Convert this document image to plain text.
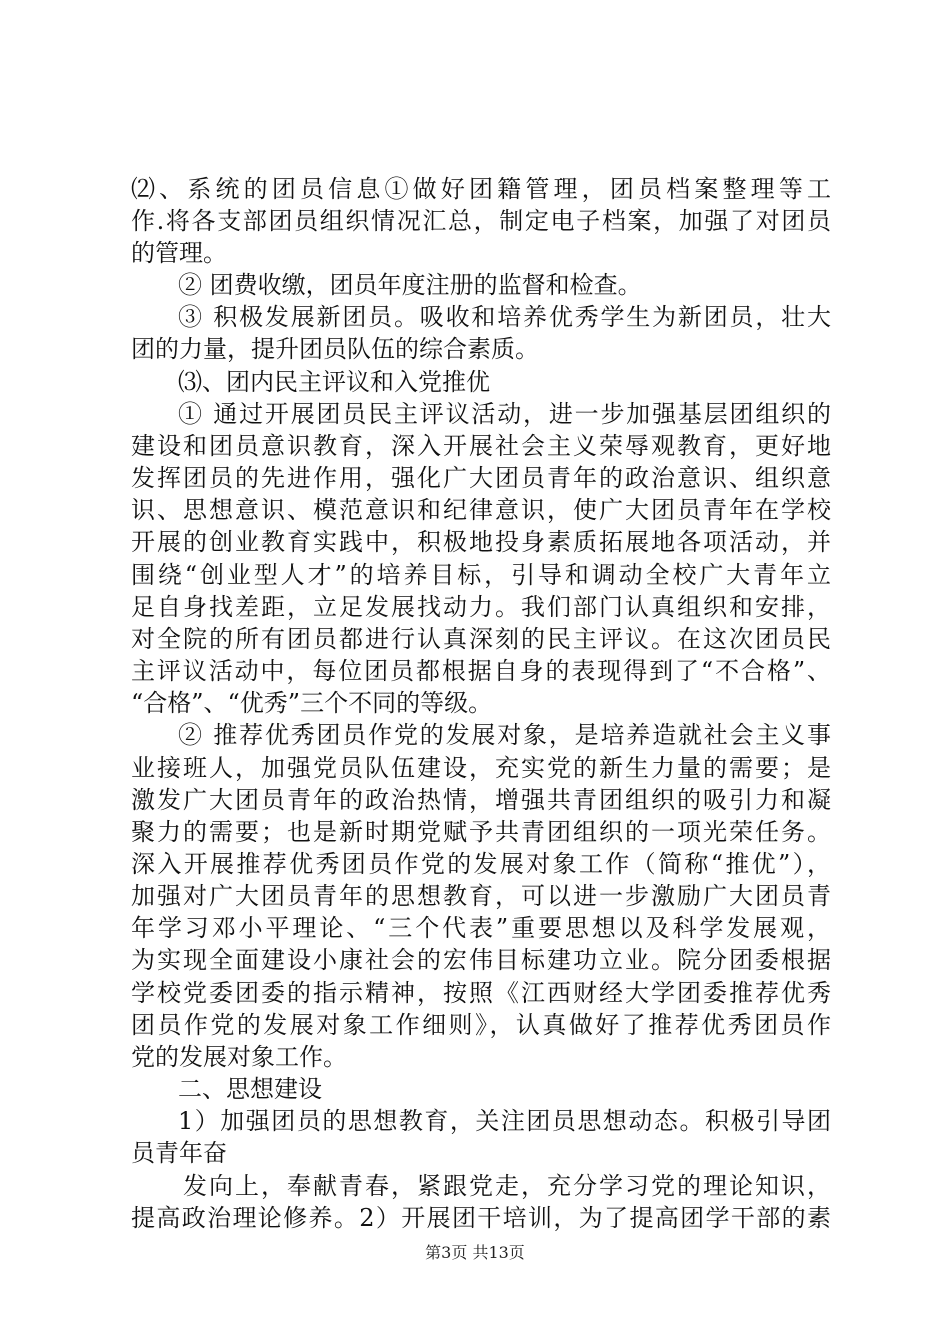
⑵、系统的团员信息①做好团籍管理，团员档案整理等工
作.将各支部团员组织情况汇总，制定电子档案，加强了对团员
的管理。
② 团费收缴，团员年度注册的监督和检查。
③ 积极发展新团员。吸收和培养优秀学生为新团员，壮大
团的力量，提升团员队伍的综合素质。
⑶、团内民主评议和入党推优
① 通过开展团员民主评议活动，进一步加强基层团组织的
建设和团员意识教育，深入开展社会主义荣辱观教育，更好地
发挥团员的先进作用，强化广大团员青年的政治意识、组织意
识、思想意识、模范意识和纪律意识，使广大团员青年在学校
开展的创业教育实践中，积极地投身素质拓展地各项活动，并
围绕“创业型人才”的培养目标，引导和调动全校广大青年立
足自身找差距，立足发展找动力。我们部门认真组织和安排，
对全院的所有团员都进行认真深刻的民主评议。在这次团员民
主评议活动中，每位团员都根据自身的表现得到了“不合格”、
“合格”、“优秀”三个不同的等级。
② 推荐优秀团员作党的发展对象，是培养造就社会主义事
业接班人，加强党员队伍建设，充实党的新生力量的需要；是
激发广大团员青年的政治热情，增强共青团组织的吸引力和凝
聚力的需要；也是新时期党赋予共青团组织的一项光荣任务。
深入开展推荐优秀团员作党的发展对象工作（简称“推优”），
加强对广大团员青年的思想教育，可以进一步激励广大团员青
年学习邓小平理论、“三个代表”重要思想以及科学发展观，
为实现全面建设小康社会的宏伟目标建功立业。院分团委根据
学校党委团委的指示精神，按照《江西财经大学团委推荐优秀
团员作党的发展对象工作细则》，认真做好了推荐优秀团员作
党的发展对象工作。
二、思想建设
1）加强团员的思想教育，关注团员思想动态。积极引导团
员青年奋
发向上，奉献青春，紧跟党走，充分学习党的理论知识，
提高政治理论修养。2）开展团干培训，为了提高团学干部的素
第3页 共13页
